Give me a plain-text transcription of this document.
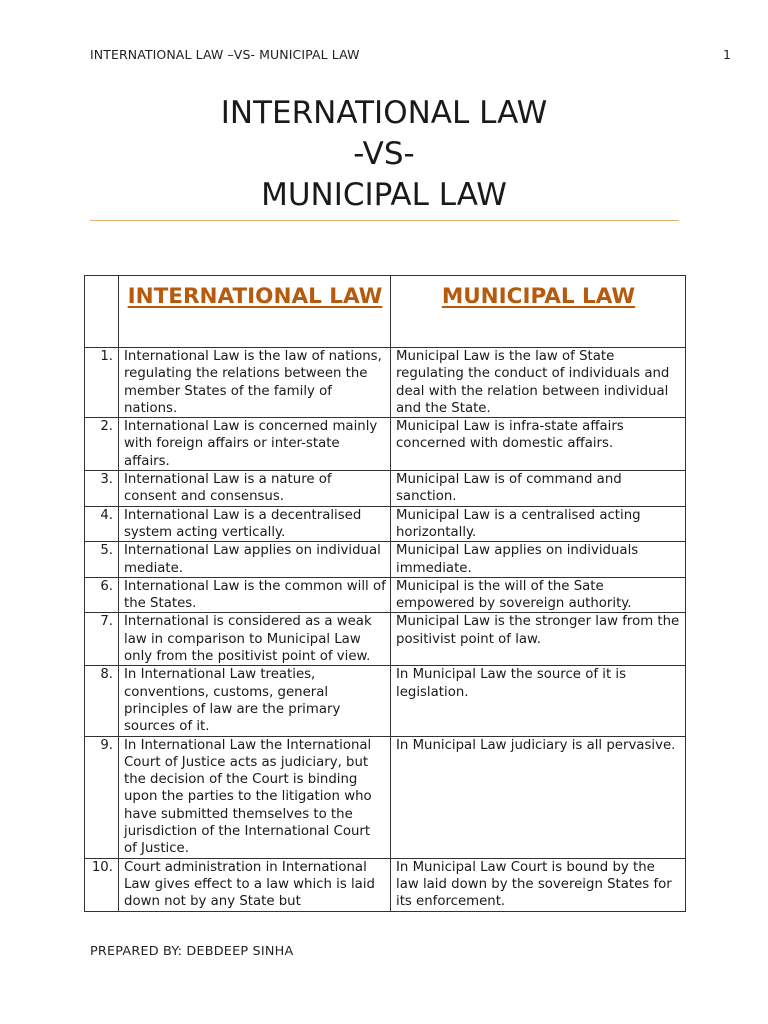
INTERNATIONAL LAW –VS- MUNICIPAL LAW	1
INTERNATIONAL LAW
-VS-
MUNICIPAL LAW
	INTERNATIONAL LAW	MUNICIPAL LAW
1.	International Law is the law of nations, regulating the relations between the member States of the family of nations.	Municipal Law is the law of State regulating the conduct of individuals and deal with the relation between individual and the State.
2.	International Law is concerned mainly with foreign affairs or inter-state affairs.	Municipal Law is infra-state affairs concerned with domestic affairs.
3.	International Law is a nature of consent and consensus.	Municipal Law is of command and sanction.
4.	International Law is a decentralised system acting vertically.	Municipal Law is a centralised acting horizontally.
5.	International Law applies on individual mediate.	Municipal Law applies on individuals immediate.
6.	International Law is the common will of the States.	Municipal is the will of the Sate empowered by sovereign authority.
7.	International is considered as a weak law in comparison to Municipal Law only from the positivist point of view.	Municipal Law is the stronger law from the positivist point of law.
8.	In International Law treaties, conventions, customs, general principles of law are the primary sources of it.	In Municipal Law the source of it is legislation.
9.	In International Law the International Court of Justice acts as judiciary, but the decision of the Court is binding upon the parties to the litigation who have submitted themselves to the jurisdiction of the International Court of Justice.	In Municipal Law judiciary is all pervasive.
10.	Court administration in International Law gives effect to a law which is laid down not by any State but	In Municipal Law Court is bound by the law laid down by the sovereign States for its enforcement.
PREPARED BY: DEBDEEP SINHA
